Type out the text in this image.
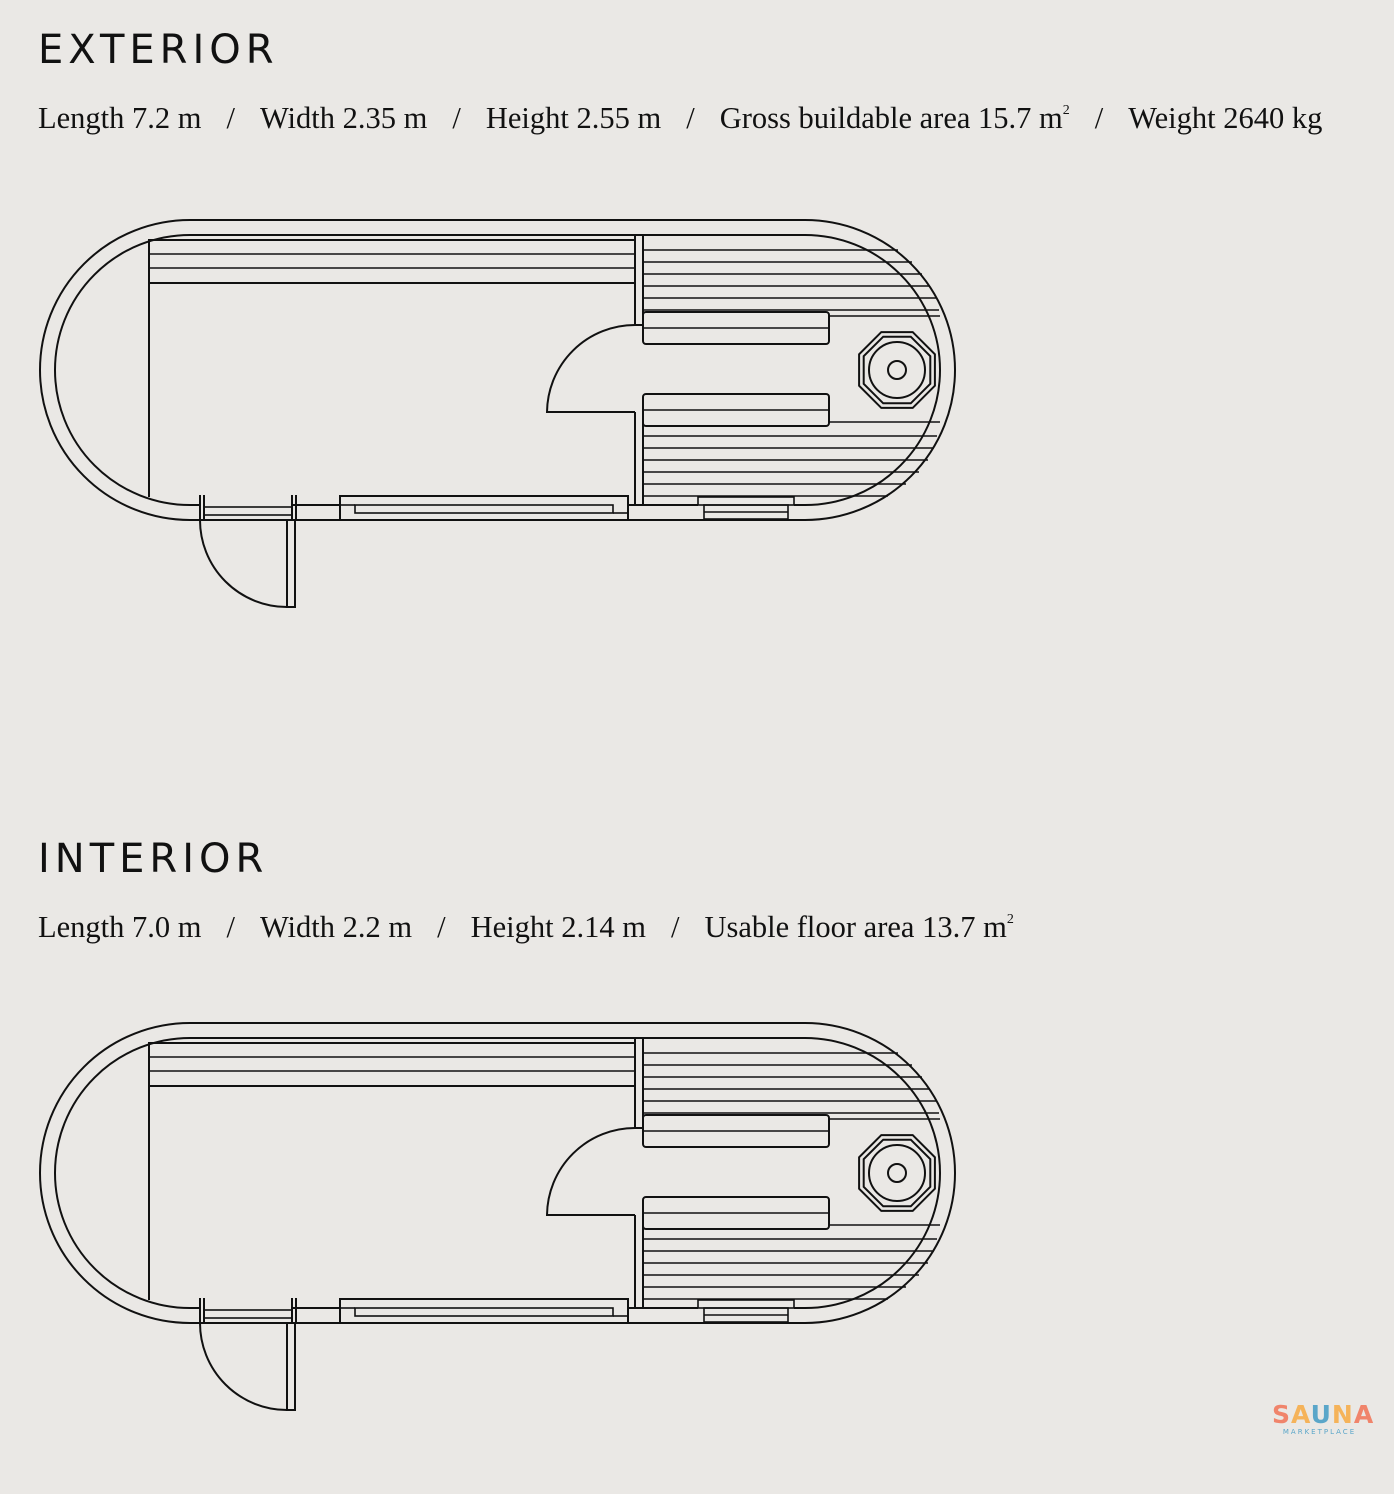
EXTERIOR
Length 7.2 m / Width 2.35 m / Height 2.55 m / Gross buildable area 15.7 $m^2$ / Weight 2640 kg
INTERIOR
Length 7.0 m / Width 2.2 m / Height 2.14 m / Usable floor area 13.7 $m^2$
SAUNA
MARKETPLACE
